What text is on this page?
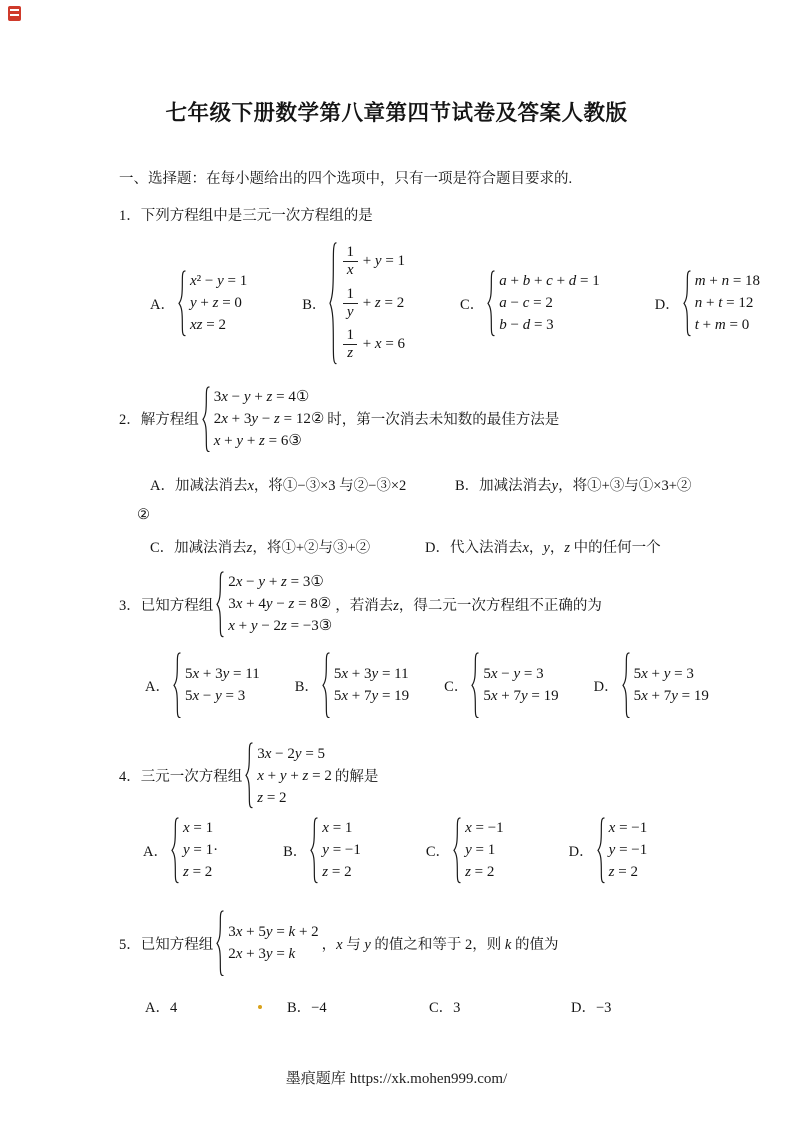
七年级下册数学第八章第四节试卷及答案人教版

一、选择题：在每小题给出的四个选项中，只有一项是符合题目要求的.

1．下列方程组中是三元一次方程组的是

A．
x² − y = 1
y + z = 0
xz = 2
B．
$\frac{1}{x} + y = 1$
$\frac{1}{y} + z = 2$
$\frac{1}{z} + x = 6$
C．
a + b + c + d = 1
a − c = 2
b − d = 3
D．
m + n = 18
n + t = 12
t + m = 0
2．解方程组
3x − y + z = 4①
2x + 3y − z = 12②
x + y + z = 6③
时，第一次消去未知数的最佳方法是
A．加减法消去x，将①−③×3 与②−③×2	B．加减法消去y，将①+③与①×3+②

②

C．加减法消去z，将①+②与③+②	D．代入法消去x，y，z 中的任何一个
3．已知方程组
2x − y + z = 3①
3x + 4y − z = 8②
x + y − 2z = −3③
，若消去z，得二元一次方程组不正确的为
A．
5x + 3y = 11
5x − y = 3
B．
5x + 3y = 11
5x + 7y = 19
C．
5x − y = 3
5x + 7y = 19
D．
5x + y = 3
5x + 7y = 19
4．三元一次方程组
3x − 2y = 5
x + y + z = 2
z = 2
的解是
A．
x = 1
y = 1·
z = 2
B．
x = 1
y = −1
z = 2
C．
x = −1
y = 1
z = 2
D．
x = −1
y = −1
z = 2
5．已知方程组
3x + 5y = k + 2
2x + 3y = k
，x 与 y 的值之和等于 2，则 k 的值为
A．4	B．−4	C．3	D．−3
墨痕题库 https://xk.mohen999.com/
